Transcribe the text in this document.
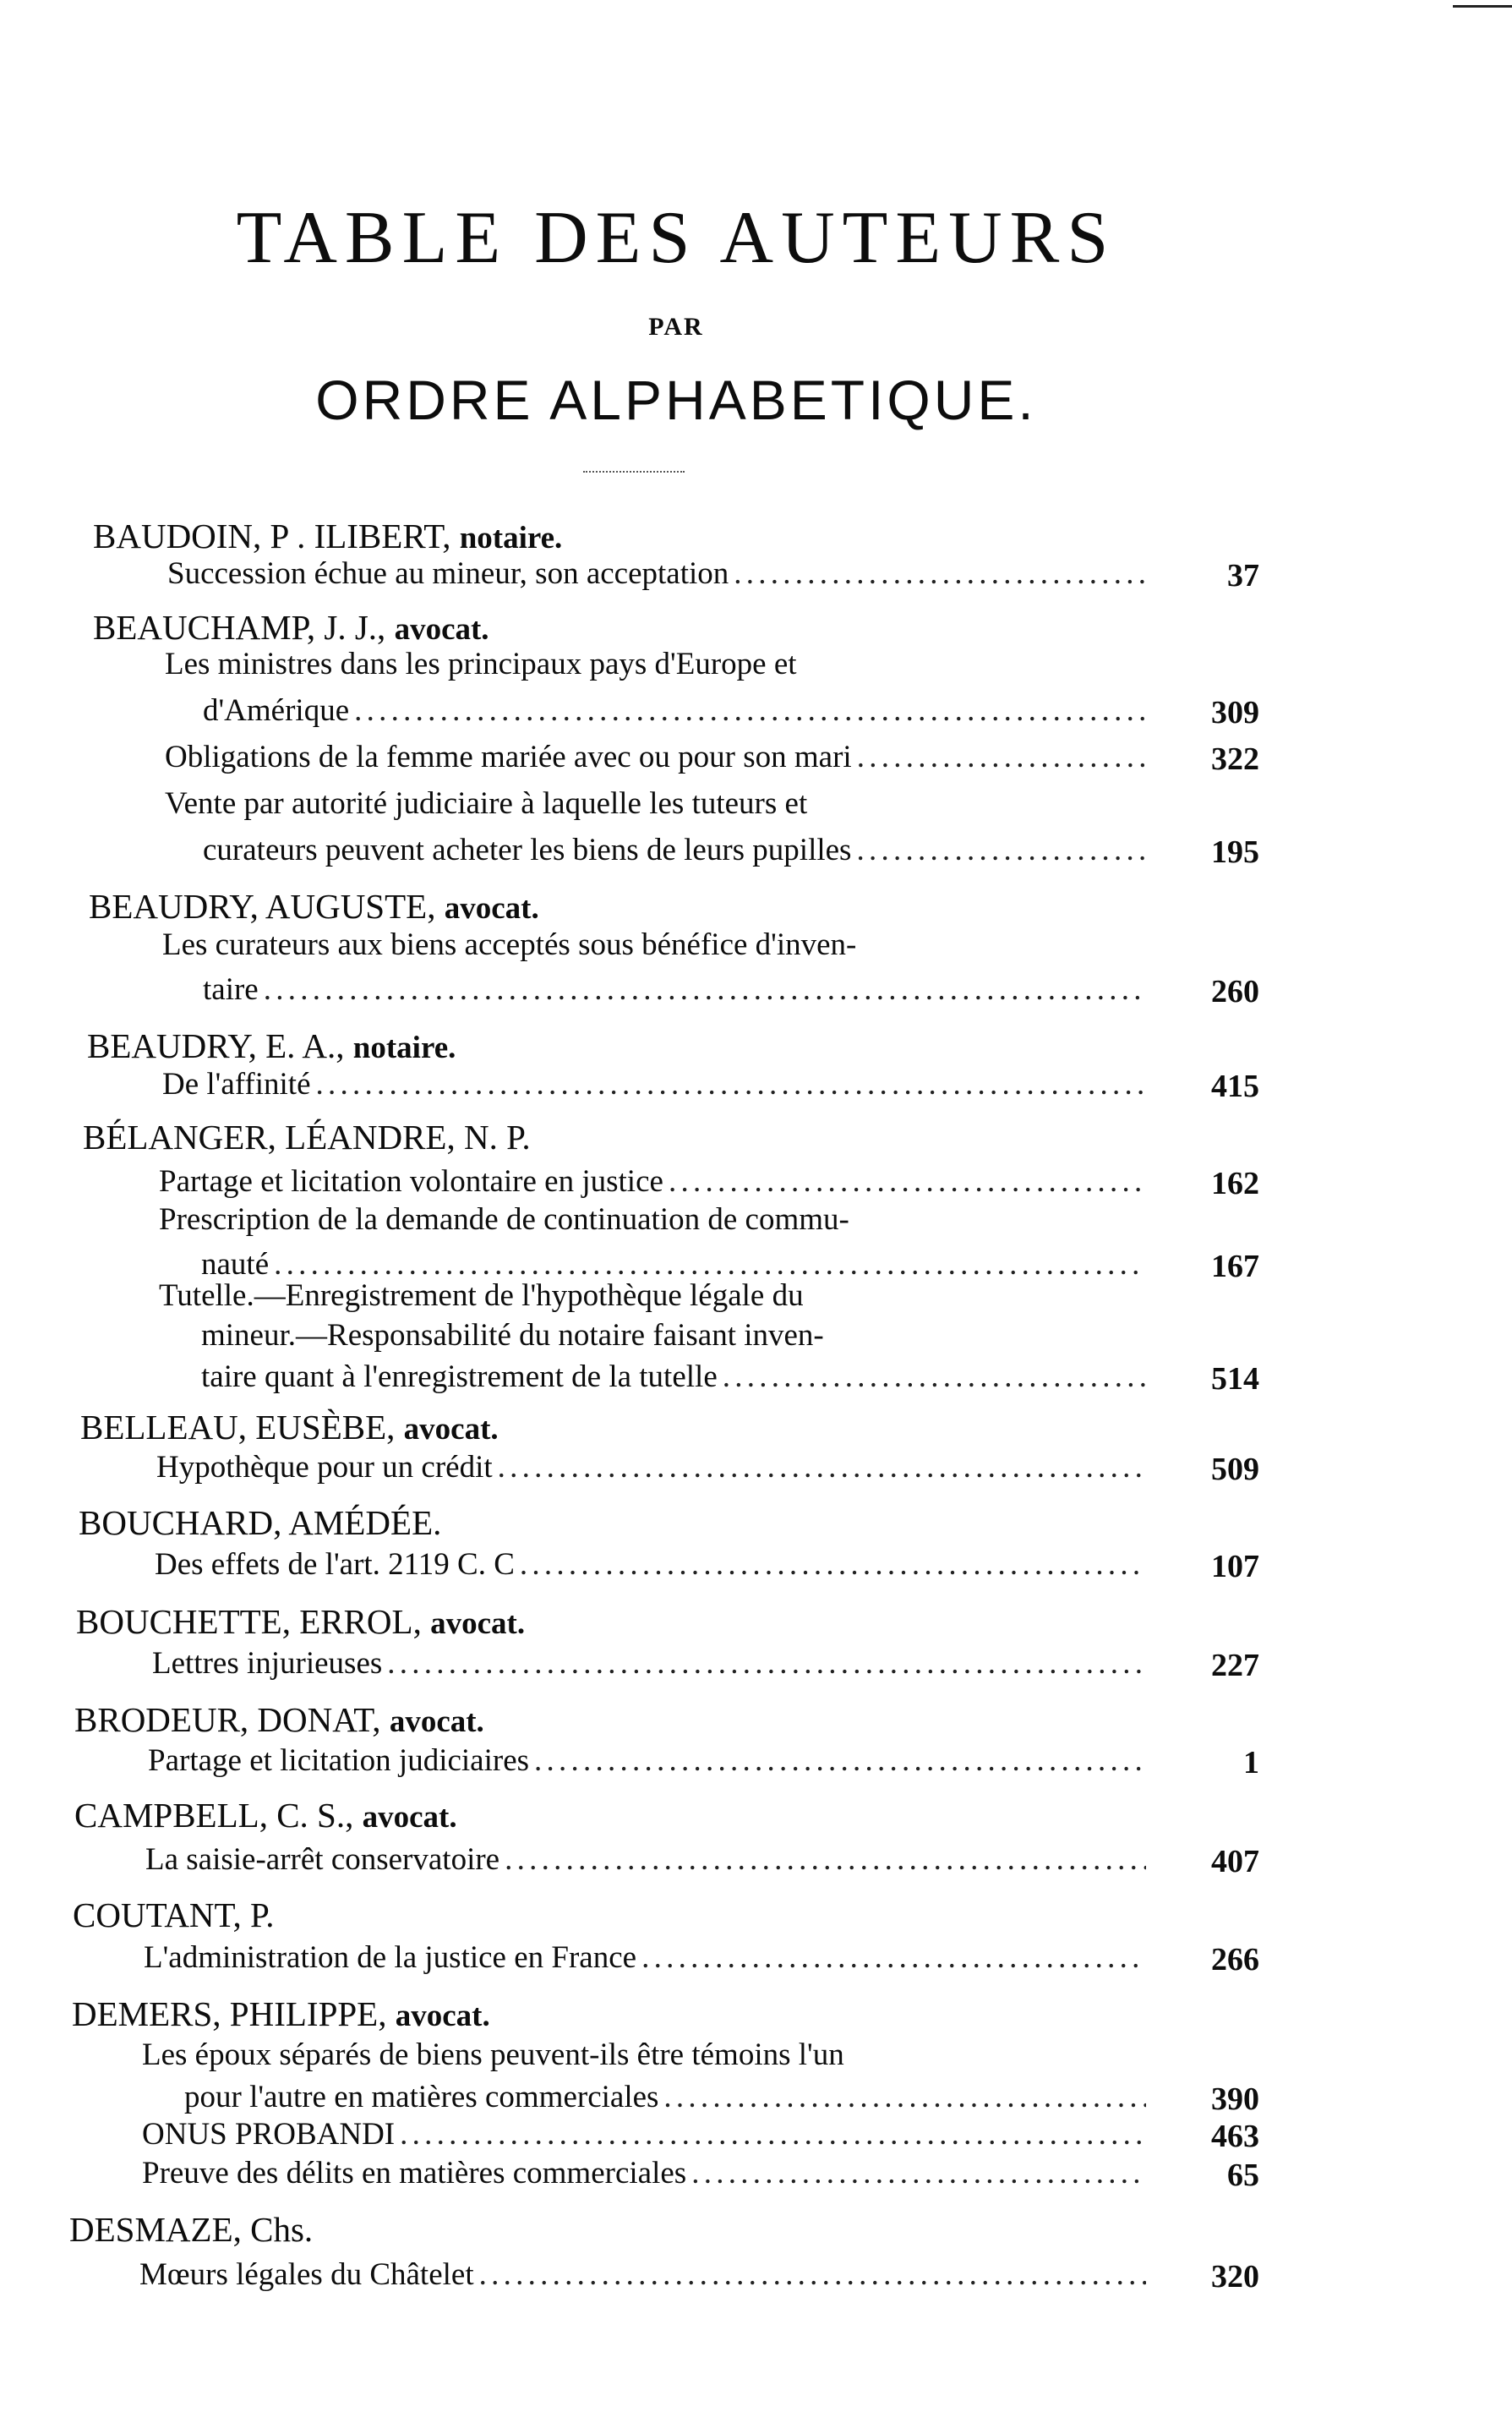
TABLE DES AUTEURS
PAR
ORDRE ALPHABETIQUE.
BAUDOIN, P . ILIBERT, notaire.
Succession échue au mineur, son acceptation . . .	37
BEAUCHAMP, J. J., avocat.
Les ministres dans les principaux pays d'Europe et
d'Amérique . . .	309
Obligations de la femme mariée avec ou pour son mari . . .	322
Vente par autorité judiciaire à laquelle les tuteurs et
curateurs peuvent acheter les biens de leurs pupilles . . .	195
BEAUDRY, AUGUSTE, avocat.
Les curateurs aux biens acceptés sous bénéfice d'inven-
taire . . .	260
BEAUDRY, E. A., notaire.
De l'affinité . . .	415
BÉLANGER, LÉANDRE, N. P.
Partage et licitation volontaire en justice . . .	162
Prescription de la demande de continuation de commu-
nauté . . .	167
Tutelle.—Enregistrement de l'hypothèque légale du
mineur.—Responsabilité du notaire faisant inven-
taire quant à l'enregistrement de la tutelle . . .	514
BELLEAU, EUSÈBE, avocat.
Hypothèque pour un crédit . . .	509
BOUCHARD, AMÉDÉE.
Des effets de l'art. 2119 C. C . . .	107
BOUCHETTE, ERROL, avocat.
Lettres injurieuses . . .	227
BRODEUR, DONAT, avocat.
Partage et licitation judiciaires . . .	1
CAMPBELL, C. S., avocat.
La saisie-arrêt conservatoire . . .	407
COUTANT, P.
L'administration de la justice en France . . .	266
DEMERS, PHILIPPE, avocat.
Les époux séparés de biens peuvent-ils être témoins l'un
pour l'autre en matières commerciales . . .	390
ONUS PROBANDI . . .	463
Preuve des délits en matières commerciales . . .	65
DESMAZE, Chs.
Mœurs légales du Châtelet . . .	320
